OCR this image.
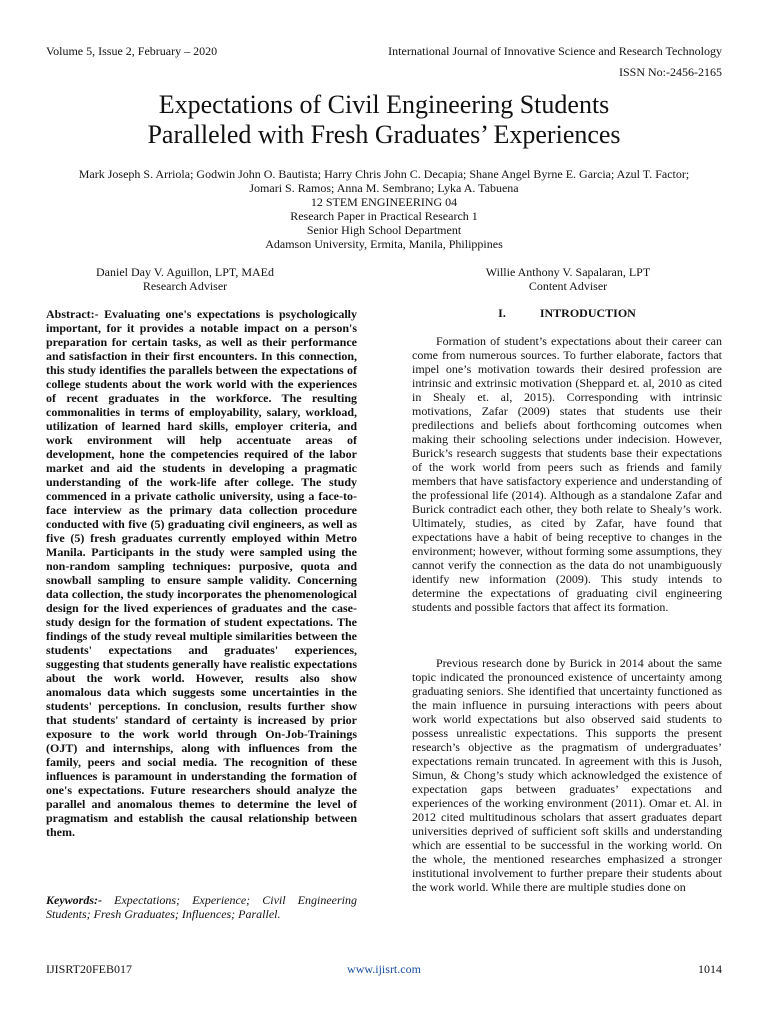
Volume 5, Issue 2, February – 2020	International Journal of Innovative Science and Research Technology
ISSN No:-2456-2165
Expectations of Civil Engineering Students
Paralleled with Fresh Graduates’ Experiences
Mark Joseph S. Arriola; Godwin John O. Bautista; Harry Chris John C. Decapia; Shane Angel Byrne E. Garcia; Azul T. Factor;
Jomari S. Ramos; Anna M. Sembrano; Lyka A. Tabuena
12 STEM ENGINEERING 04
Research Paper in Practical Research 1
Senior High School Department
Adamson University, Ermita, Manila, Philippines
Daniel Day V. Aguillon, LPT, MAEd
Research Adviser
Willie Anthony V. Sapalaran, LPT
Content Adviser
Abstract:- Evaluating one's expectations is psychologically important, for it provides a notable impact on a person's preparation for certain tasks, as well as their performance and satisfaction in their first encounters. In this connection, this study identifies the parallels between the expectations of college students about the work world with the experiences of recent graduates in the workforce. The resulting commonalities in terms of employability, salary, workload, utilization of learned hard skills, employer criteria, and work environment will help accentuate areas of development, hone the competencies required of the labor market and aid the students in developing a pragmatic understanding of the work-life after college. The study commenced in a private catholic university, using a face-to-face interview as the primary data collection procedure conducted with five (5) graduating civil engineers, as well as five (5) fresh graduates currently employed within Metro Manila. Participants in the study were sampled using the non-random sampling techniques: purposive, quota and snowball sampling to ensure sample validity. Concerning data collection, the study incorporates the phenomenological design for the lived experiences of graduates and the case-study design for the formation of student expectations. The findings of the study reveal multiple similarities between the students' expectations and graduates' experiences, suggesting that students generally have realistic expectations about the work world. However, results also show anomalous data which suggests some uncertainties in the students' perceptions. In conclusion, results further show that students' standard of certainty is increased by prior exposure to the work world through On-Job-Trainings (OJT) and internships, along with influences from the family, peers and social media. The recognition of these influences is paramount in understanding the formation of one's expectations. Future researchers should analyze the parallel and anomalous themes to determine the level of pragmatism and establish the causal relationship between them.
Keywords:- Expectations; Experience; Civil Engineering Students; Fresh Graduates; Influences; Parallel.
I.	INTRODUCTION
Formation of student’s expectations about their career can come from numerous sources. To further elaborate, factors that impel one’s motivation towards their desired profession are intrinsic and extrinsic motivation (Sheppard et. al, 2010 as cited in Shealy et. al, 2015). Corresponding with intrinsic motivations, Zafar (2009) states that students use their predilections and beliefs about forthcoming outcomes when making their schooling selections under indecision. However, Burick’s research suggests that students base their expectations of the work world from peers such as friends and family members that have satisfactory experience and understanding of the professional life (2014). Although as a standalone Zafar and Burick contradict each other, they both relate to Shealy’s work. Ultimately, studies, as cited by Zafar, have found that expectations have a habit of being receptive to changes in the environment; however, without forming some assumptions, they cannot verify the connection as the data do not unambiguously identify new information (2009). This study intends to determine the expectations of graduating civil engineering students and possible factors that affect its formation.
Previous research done by Burick in 2014 about the same topic indicated the pronounced existence of uncertainty among graduating seniors. She identified that uncertainty functioned as the main influence in pursuing interactions with peers about work world expectations but also observed said students to possess unrealistic expectations. This supports the present research’s objective as the pragmatism of undergraduates’ expectations remain truncated. In agreement with this is Jusoh, Simun, & Chong’s study which acknowledged the existence of expectation gaps between graduates’ expectations and experiences of the working environment (2011). Omar et. Al. in 2012 cited multitudinous scholars that assert graduates depart universities deprived of sufficient soft skills and understanding which are essential to be successful in the working world. On the whole, the mentioned researches emphasized a stronger institutional involvement to further prepare their students about the work world. While there are multiple studies done on
IJISRT20FEB017	www.ijisrt.com	1014
